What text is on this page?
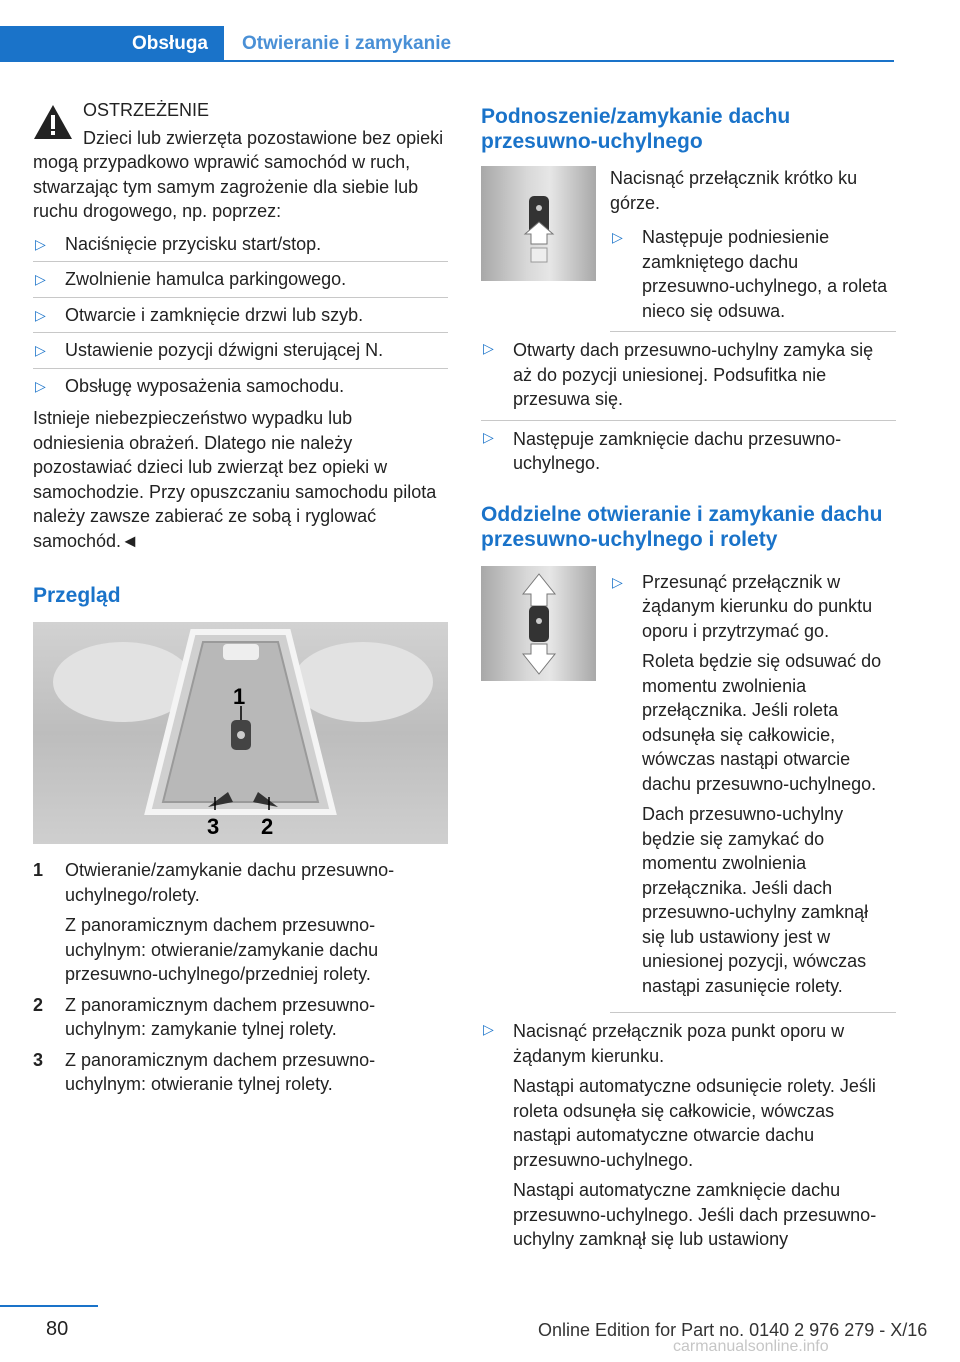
Obsługa	Otwieranie i zamykanie

OSTRZEŻENIE

Dzieci lub zwierzęta pozostawione bez opieki mogą przypadkowo wprawić samochód w ruch, stwarzając tym samym zagrożenie dla siebie lub ruchu drogowego, np. poprzez:

▷ Naciśnięcie przycisku start/stop.
▷ Zwolnienie hamulca parkingowego.
▷ Otwarcie i zamknięcie drzwi lub szyb.
▷ Ustawienie pozycji dźwigni sterującej N.
▷ Obsługę wyposażenia samochodu.

Istnieje niebezpieczeństwo wypadku lub odniesienia obrażeń. Dlatego nie należy pozostawiać dzieci lub zwierząt bez opieki w samochodzie. Przy opuszczaniu samochodu pilota należy zawsze zabierać ze sobą i ryglować samochód.◄

Przegląd
1
3 2
1	Otwieranie/zamykanie dachu przesuwno-uchylnego/rolety.

Z panoramicznym dachem przesuwno-uchylnym: otwieranie/zamykanie dachu przesuwno-uchylnego/przedniej rolety.

2	Z panoramicznym dachem przesuwno-uchylnym: zamykanie tylnej rolety.

3	Z panoramicznym dachem przesuwno-uchylnym: otwieranie tylnej rolety.

Podnoszenie/zamykanie dachu przesuwno-uchylnego

Nacisnąć przełącznik krótko ku górze.

▷ Następuje podniesienie zamkniętego dachu przesuwno-uchylnego, a roleta nieco się odsuwa.
▷ Otwarty dach przesuwno-uchylny zamyka się aż do pozycji uniesionej. Podsufitka nie przesuwa się.
▷ Następuje zamknięcie dachu przesuwno-uchylnego.
Oddzielne otwieranie i zamykanie dachu przesuwno-uchylnego i rolety

▷ Przesunąć przełącznik w żądanym kierunku do punktu oporu i przytrzymać go.

Roleta będzie się odsuwać do momentu zwolnienia przełącznika. Jeśli roleta odsunęła się całkowicie, wówczas nastąpi otwarcie dachu przesuwno-uchylnego.

Dach przesuwno-uchylny będzie się zamykać do momentu zwolnienia przełącznika. Jeśli dach przesuwno-uchylny zamknął się lub ustawiony jest w uniesionej pozycji, wówczas nastąpi zasunięcie rolety.

▷ Nacisnąć przełącznik poza punkt oporu w żądanym kierunku.

Nastąpi automatyczne odsunięcie rolety. Jeśli roleta odsunęła się całkowicie, wówczas nastąpi automatyczne otwarcie dachu przesuwno-uchylnego.

Nastąpi automatyczne zamknięcie dachu przesuwno-uchylnego. Jeśli dach przesuwno-uchylny zamknął się lub ustawiony

80	Online Edition for Part no. 0140 2 976 279 - X/16
carmanualsonline.info
